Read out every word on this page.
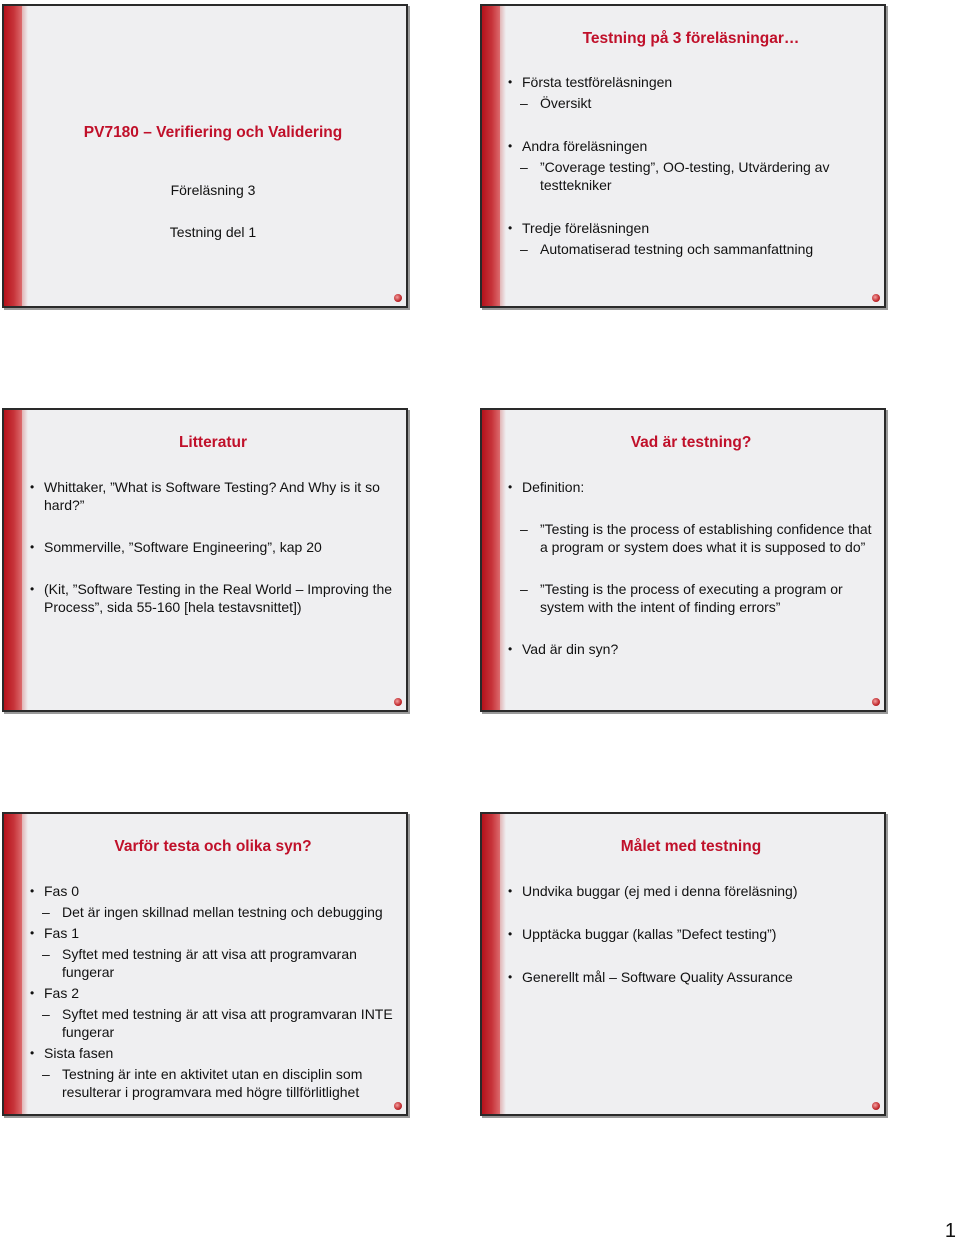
PV7180 – Verifiering och Validering
Föreläsning 3
Testning del 1
Testning på 3 föreläsningar…
• Första testföreläsningen
– Översikt
• Andra föreläsningen
– ”Coverage testing”, OO-testing, Utvärdering av testtekniker
• Tredje föreläsningen
– Automatiserad testning och sammanfattning
Litteratur
• Whittaker, ”What is Software Testing? And Why is it so hard?”
• Sommerville, ”Software Engineering”, kap 20
• (Kit, ”Software Testing in the Real World – Improving the Process”, sida 55-160 [hela testavsnittet])
Vad är testning?
• Definition:
– ”Testing is the process of establishing confidence that a program or system does what it is supposed to do”
– ”Testing is the process of executing a program or system with the intent of finding errors”
• Vad är din syn?
Varför testa och olika syn?
• Fas 0
– Det är ingen skillnad mellan testning och debugging
• Fas 1
– Syftet med testning är att visa att programvaran fungerar
• Fas 2
– Syftet med testning är att visa att programvaran INTE fungerar
• Sista fasen
– Testning är inte en aktivitet utan en disciplin som resulterar i programvara med högre tillförlitlighet
Målet med testning
• Undvika buggar (ej med i denna föreläsning)
• Upptäcka buggar (kallas ”Defect testing”)
• Generellt mål – Software Quality Assurance
1
